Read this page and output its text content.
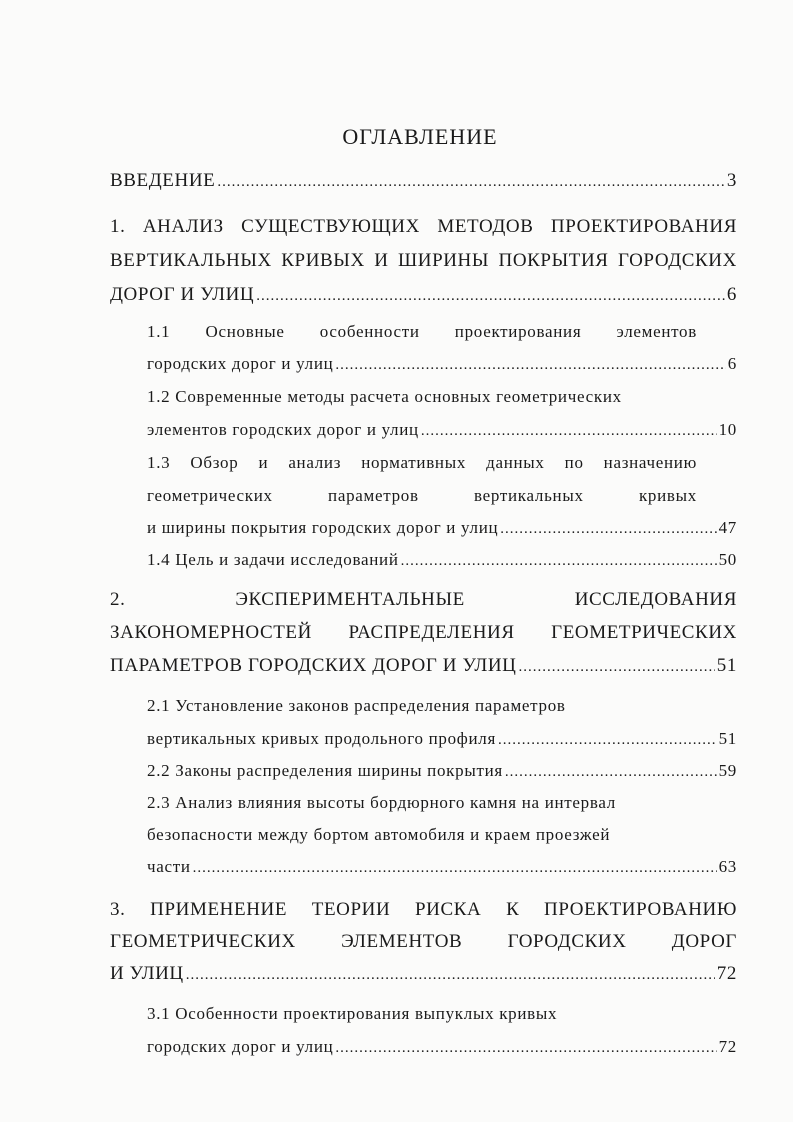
ОГЛАВЛЕНИЕ
ВВЕДЕНИЕ .....	3
1. АНАЛИЗ СУЩЕСТВУЮЩИХ МЕТОДОВ ПРОЕКТИРОВАНИЯ
ВЕРТИКАЛЬНЫХ КРИВЫХ И ШИРИНЫ ПОКРЫТИЯ ГОРОДСКИХ
ДОРОГ И УЛИЦ .....	6
1.1 Основные особенности проектирования элементов
городских дорог и улиц .....	6
1.2 Современные методы расчета основных геометрических
элементов городских дорог и улиц .....	10
1.3 Обзор и анализ нормативных данных по назначению
геометрических	параметров	вертикальных	кривых
и ширины покрытия городских дорог и улиц .....	47
1.4 Цель и задачи исследований .....	50
2.	ЭКСПЕРИМЕНТАЛЬНЫЕ	ИССЛЕДОВАНИЯ
ЗАКОНОМЕРНОСТЕЙ РАСПРЕДЕЛЕНИЯ ГЕОМЕТРИЧЕСКИХ
ПАРАМЕТРОВ ГОРОДСКИХ ДОРОГ И УЛИЦ .....	51
2.1 Установление законов распределения параметров
вертикальных кривых продольного профиля .....	51
2.2 Законы распределения ширины покрытия .....	59
2.3 Анализ влияния высоты бордюрного камня на интервал
безопасности между бортом автомобиля и краем проезжей
части .....	63
3. ПРИМЕНЕНИЕ ТЕОРИИ РИСКА К ПРОЕКТИРОВАНИЮ
ГЕОМЕТРИЧЕСКИХ ЭЛЕМЕНТОВ ГОРОДСКИХ ДОРОГ
И УЛИЦ .....	72
3.1 Особенности проектирования выпуклых кривых
городских дорог и улиц .....	72
